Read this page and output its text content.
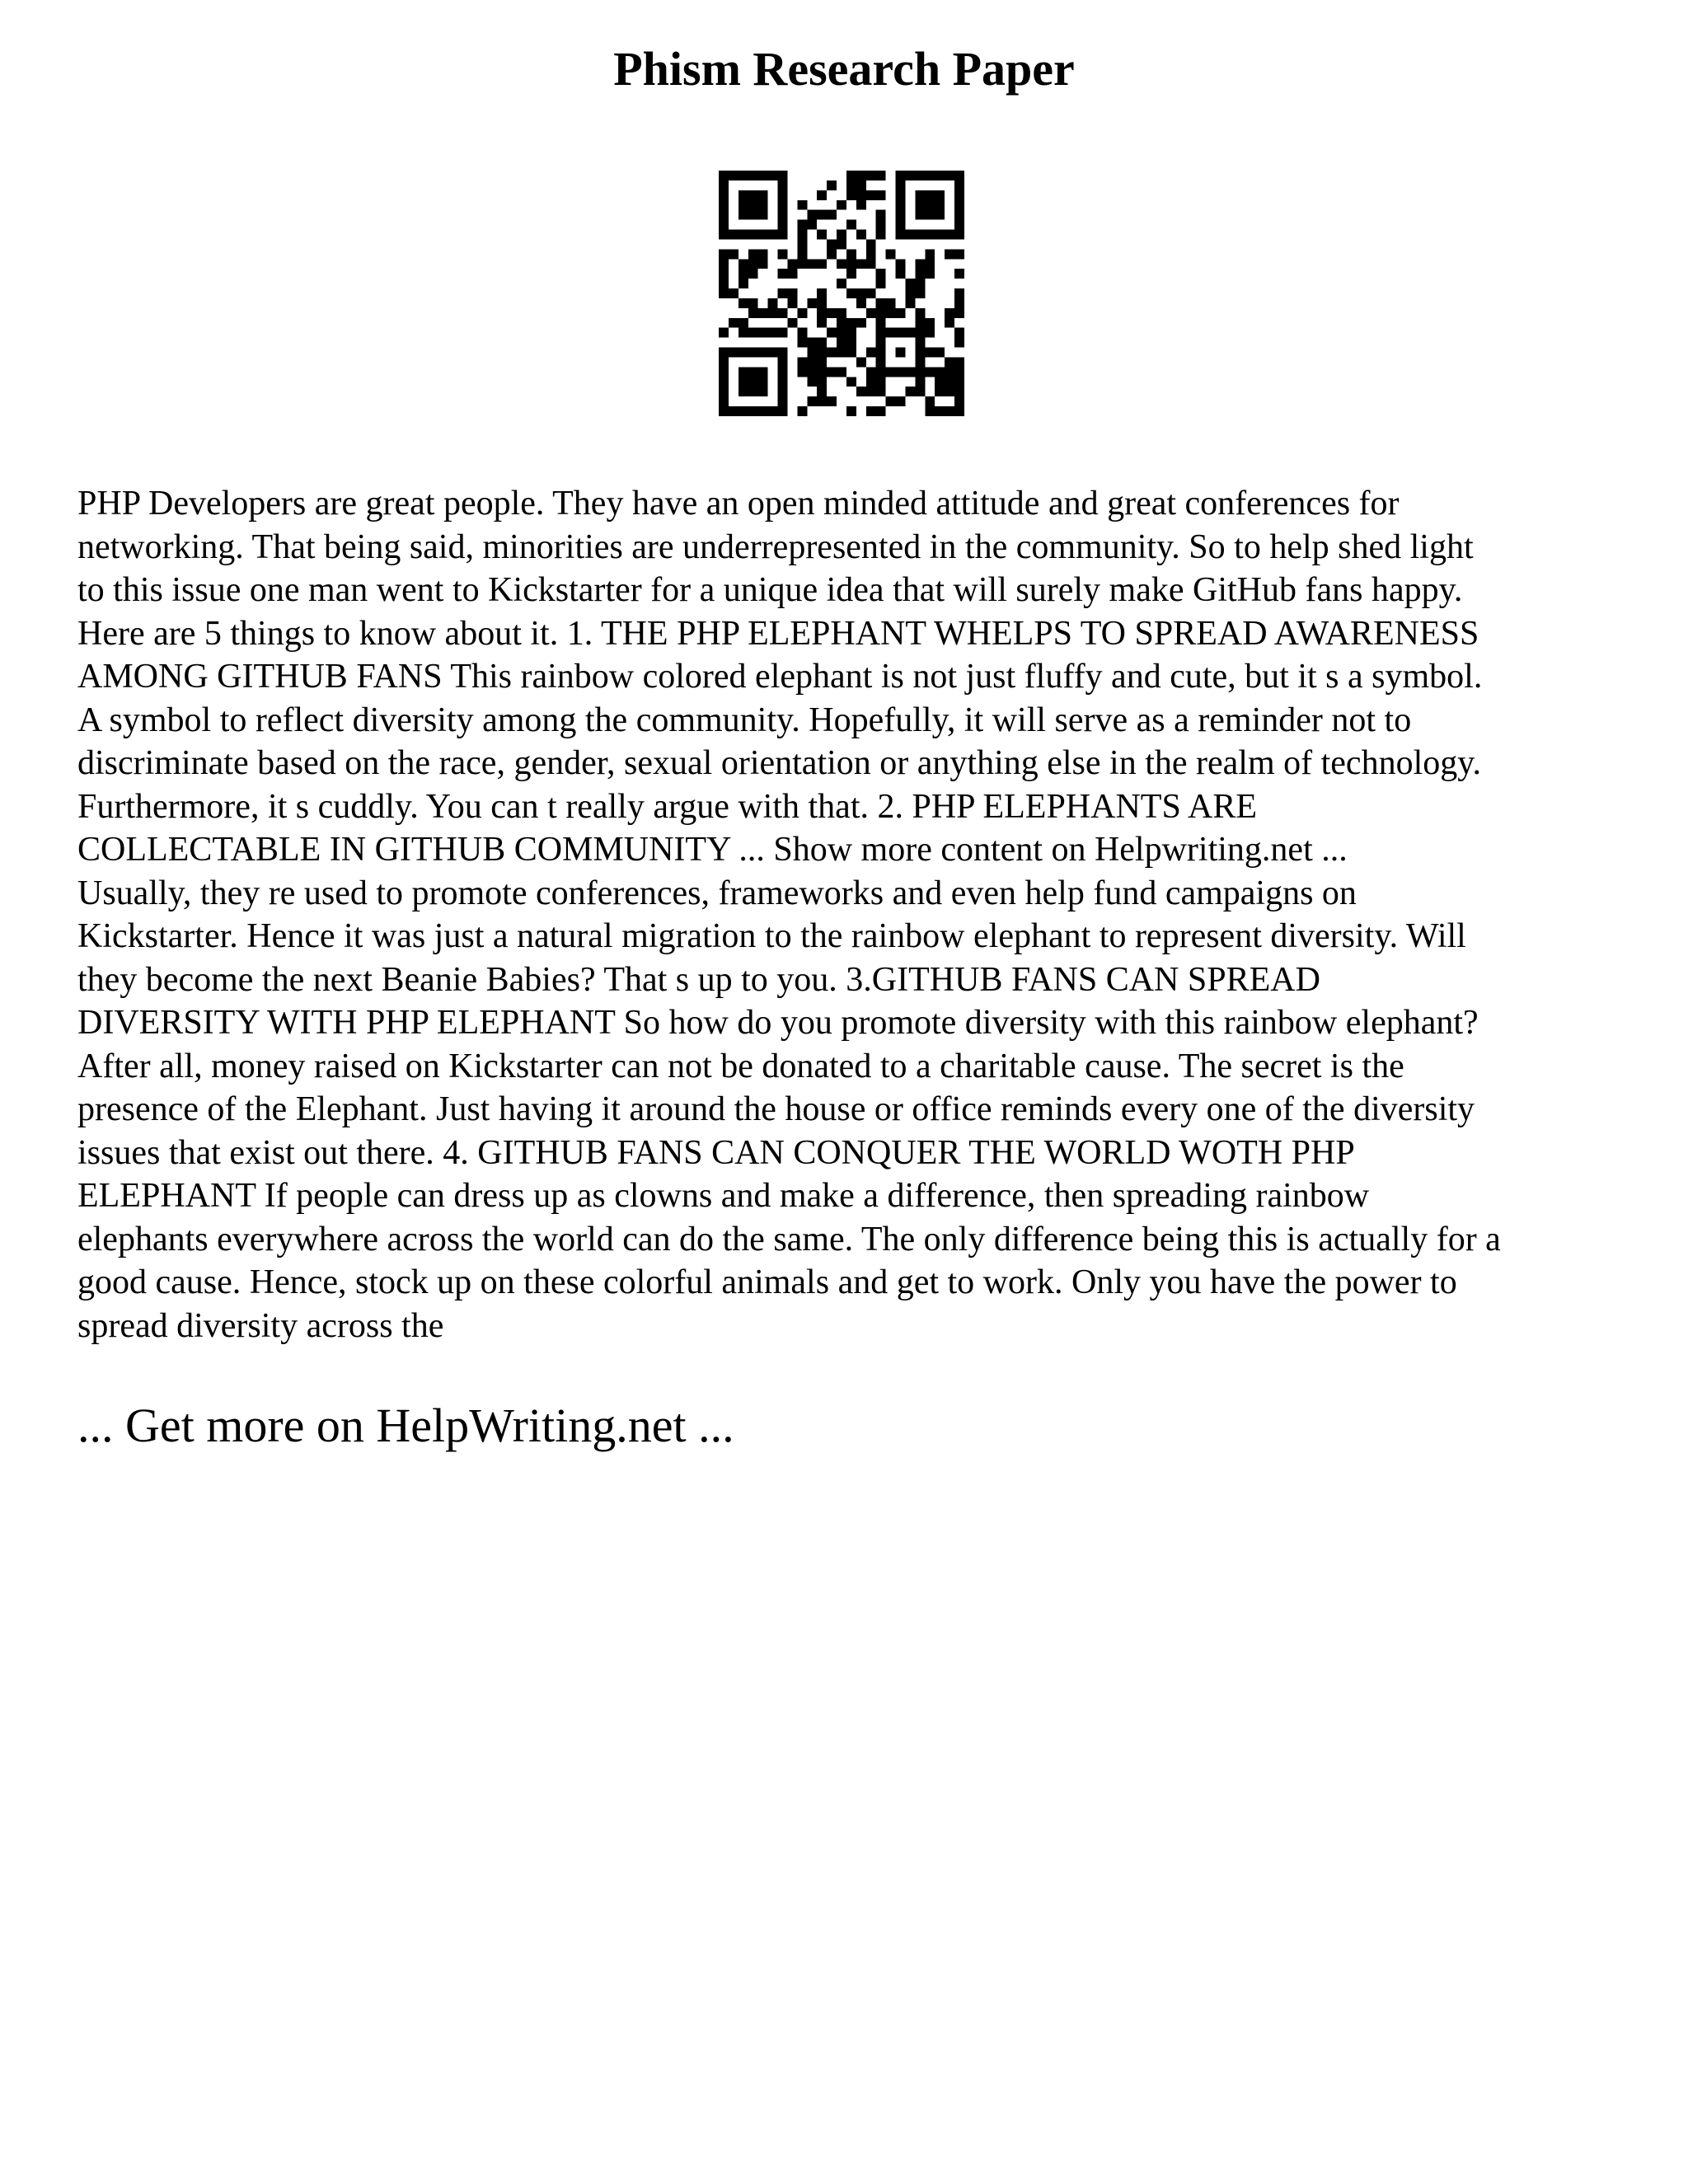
Phism Research Paper
PHP Developers are great people. They have an open minded attitude and great conferences for
networking. That being said, minorities are underrepresented in the community. So to help shed light
to this issue one man went to Kickstarter for a unique idea that will surely make GitHub fans happy.
Here are 5 things to know about it. 1. THE PHP ELEPHANT WHELPS TO SPREAD AWARENESS
AMONG GITHUB FANS This rainbow colored elephant is not just fluffy and cute, but it s a symbol.
A symbol to reflect diversity among the community. Hopefully, it will serve as a reminder not to
discriminate based on the race, gender, sexual orientation or anything else in the realm of technology.
Furthermore, it s cuddly. You can t really argue with that. 2. PHP ELEPHANTS ARE
COLLECTABLE IN GITHUB COMMUNITY ... Show more content on Helpwriting.net ...
Usually, they re used to promote conferences, frameworks and even help fund campaigns on
Kickstarter. Hence it was just a natural migration to the rainbow elephant to represent diversity. Will
they become the next Beanie Babies? That s up to you. 3.GITHUB FANS CAN SPREAD
DIVERSITY WITH PHP ELEPHANT So how do you promote diversity with this rainbow elephant?
After all, money raised on Kickstarter can not be donated to a charitable cause. The secret is the
presence of the Elephant. Just having it around the house or office reminds every one of the diversity
issues that exist out there. 4. GITHUB FANS CAN CONQUER THE WORLD WOTH PHP
ELEPHANT If people can dress up as clowns and make a difference, then spreading rainbow
elephants everywhere across the world can do the same. The only difference being this is actually for a
good cause. Hence, stock up on these colorful animals and get to work. Only you have the power to
spread diversity across the

... Get more on HelpWriting.net ...
